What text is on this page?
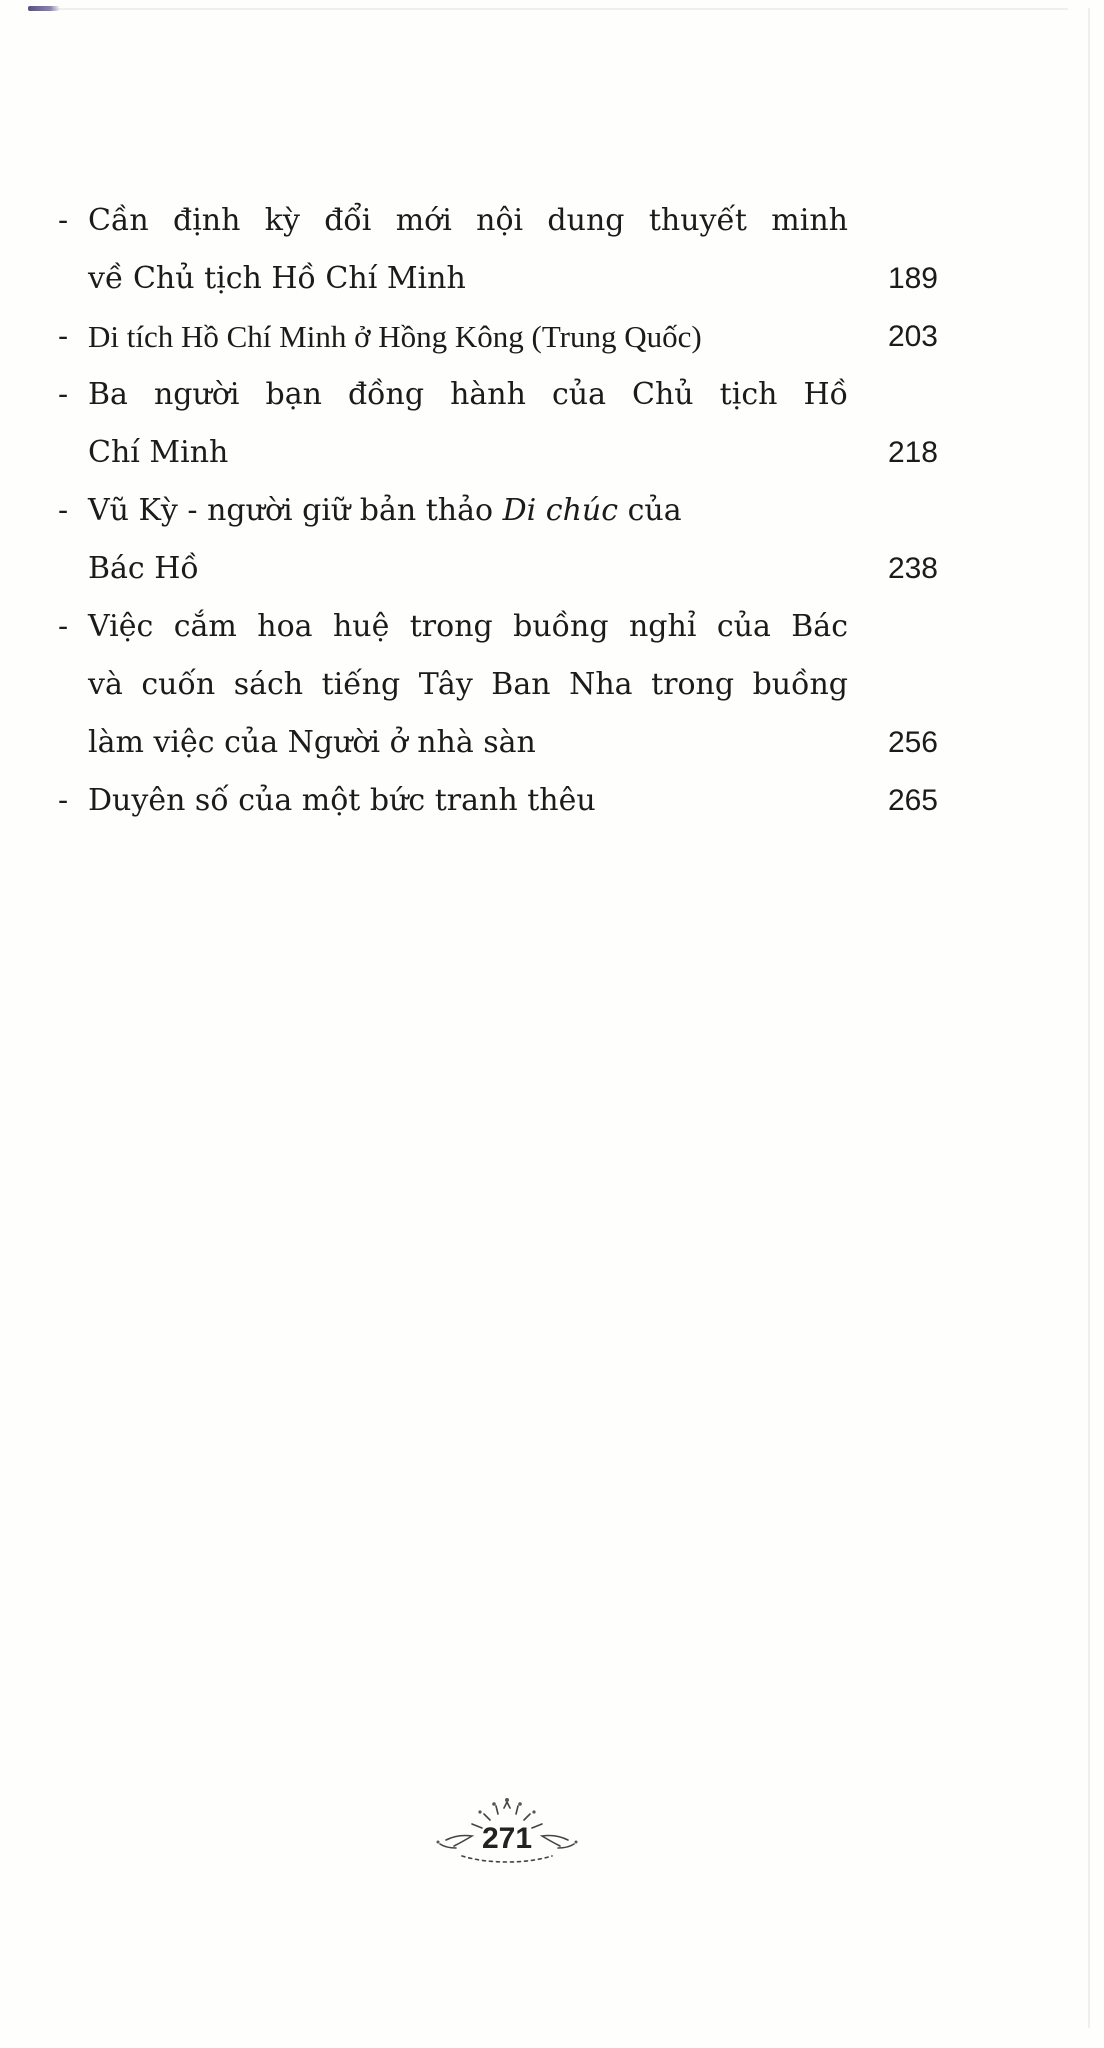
- Cần định kỳ đổi mới nội dung thuyết minh
về Chủ tịch Hồ Chí Minh	189
- Di tích Hồ Chí Minh ở Hồng Kông (Trung Quốc)	203
- Ba người bạn đồng hành của Chủ tịch Hồ
Chí Minh	218
- Vũ Kỳ - người giữ bản thảo Di chúc của
Bác Hồ	238
- Việc cắm hoa huệ trong buồng nghỉ của Bác
và cuốn sách tiếng Tây Ban Nha trong buồng
làm việc của Người ở nhà sàn	256
- Duyên số của một bức tranh thêu	265
271
